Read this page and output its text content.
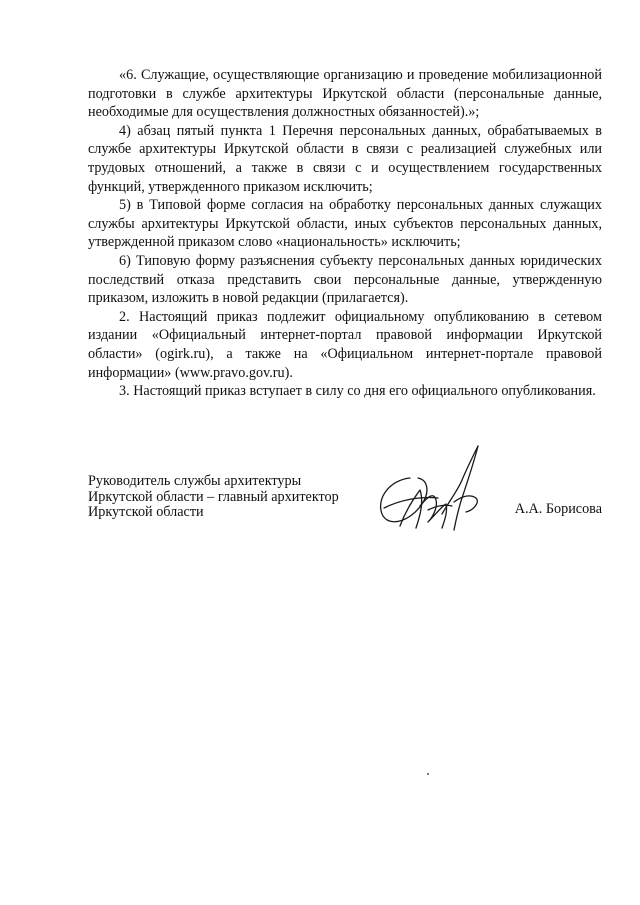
«6. Служащие, осуществляющие организацию и проведение мобилизационной подготовки в службе архитектуры Иркутской области (персональные данные, необходимые для осуществления должностных обязанностей).»;

4) абзац пятый пункта 1 Перечня персональных данных, обрабатываемых в службе архитектуры Иркутской области в связи с реализацией служебных или трудовых отношений, а также в связи с и осуществлением государственных функций, утвержденного приказом исключить;

5) в Типовой форме согласия на обработку персональных данных служащих службы архитектуры Иркутской области, иных субъектов персональных данных, утвержденной приказом слово «национальность» исключить;

6) Типовую форму разъяснения субъекту персональных данных юридических последствий отказа представить свои персональные данные, утвержденную приказом, изложить в новой редакции (прилагается).

2. Настоящий приказ подлежит официальному опубликованию в сетевом издании «Официальный интернет-портал правовой информации Иркутской области» (ogirk.ru), а также на «Официальном интернет-портале правовой информации» (www.pravo.gov.ru).

3. Настоящий приказ вступает в силу со дня его официального опубликования.

Руководитель службы архитектуры
Иркутской области – главный архитектор
Иркутской области	А.А. Борисова
